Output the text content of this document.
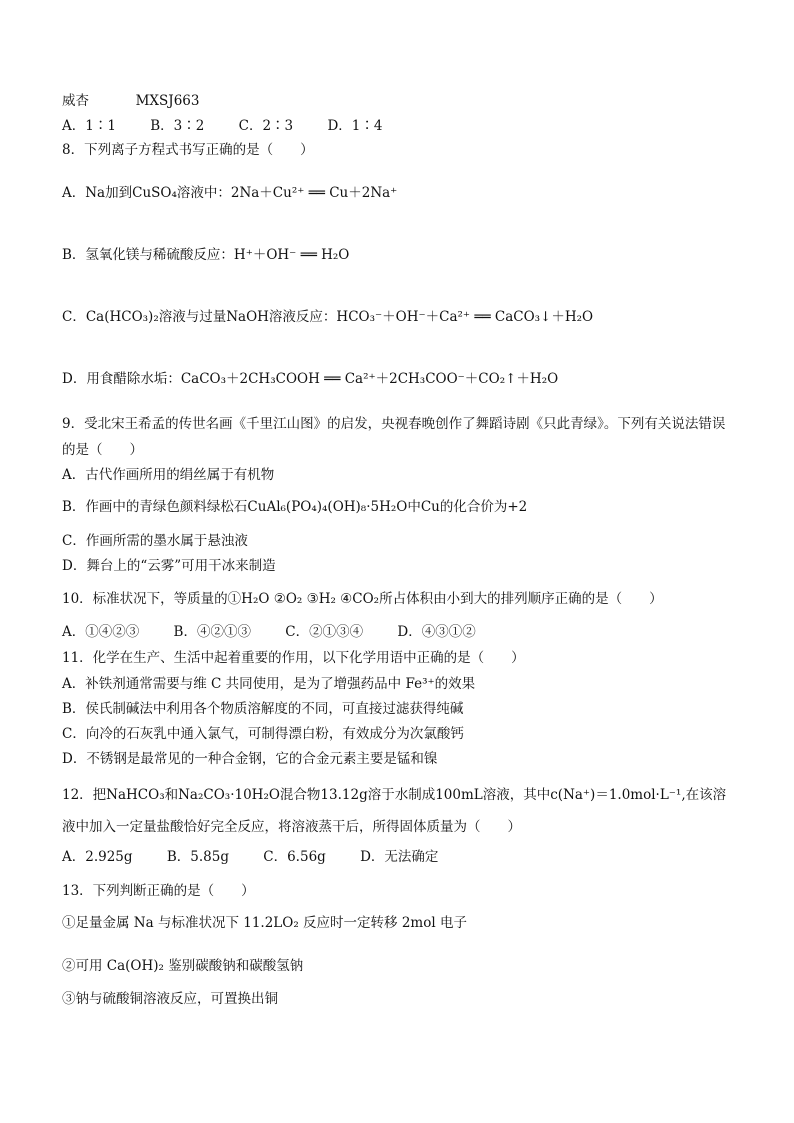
威杏	MXSJ663
A．1∶1	B．3∶2	C．2∶3	D．1∶4
8．下列离子方程式书写正确的是（　　）
A．Na加到CuSO₄溶液中：2Na＋Cu²⁺ ══ Cu＋2Na⁺
B．氢氧化镁与稀硫酸反应：H⁺＋OH⁻ ══ H₂O
C．Ca(HCO₃)₂溶液与过量NaOH溶液反应：HCO₃⁻＋OH⁻＋Ca²⁺ ══ CaCO₃↓＋H₂O
D．用食醋除水垢：CaCO₃＋2CH₃COOH ══ Ca²⁺＋2CH₃COO⁻＋CO₂↑＋H₂O
9．受北宋王希孟的传世名画《千里江山图》的启发，央视春晚创作了舞蹈诗剧《只此青绿》。下列有关说法错误的是（　　）
A．古代作画所用的绢丝属于有机物
B．作画中的青绿色颜料绿松石CuAl₆(PO₄)₄(OH)₈·5H₂O中Cu的化合价为+2
C．作画所需的墨水属于悬浊液
D．舞台上的“云雾”可用干冰来制造
10．标准状况下，等质量的①H₂O ②O₂ ③H₂ ④CO₂所占体积由小到大的排列顺序正确的是（　　）
A．①④②③	B．④②①③	C．②①③④	D．④③①②
11．化学在生产、生活中起着重要的作用，以下化学用语中正确的是（　　）
A．补铁剂通常需要与维 C 共同使用，是为了增强药品中 Fe³⁺的效果
B．侯氏制碱法中利用各个物质溶解度的不同，可直接过滤获得纯碱
C．向冷的石灰乳中通入氯气，可制得漂白粉，有效成分为次氯酸钙
D．不锈钢是最常见的一种合金钢，它的合金元素主要是锰和镍
12．把NaHCO₃和Na₂CO₃·10H₂O混合物13.12g溶于水制成100mL溶液，其中c(Na⁺)＝1.0mol·L⁻¹,在该溶液中加入一定量盐酸恰好完全反应，将溶液蒸干后，所得固体质量为（　　）
A．2.925g	B．5.85g	C．6.56g	D．无法确定
13．下列判断正确的是（　　）
①足量金属 Na 与标准状况下 11.2LO₂ 反应时一定转移 2mol 电子
②可用 Ca(OH)₂ 鉴别碳酸钠和碳酸氢钠
③钠与硫酸铜溶液反应，可置换出铜
